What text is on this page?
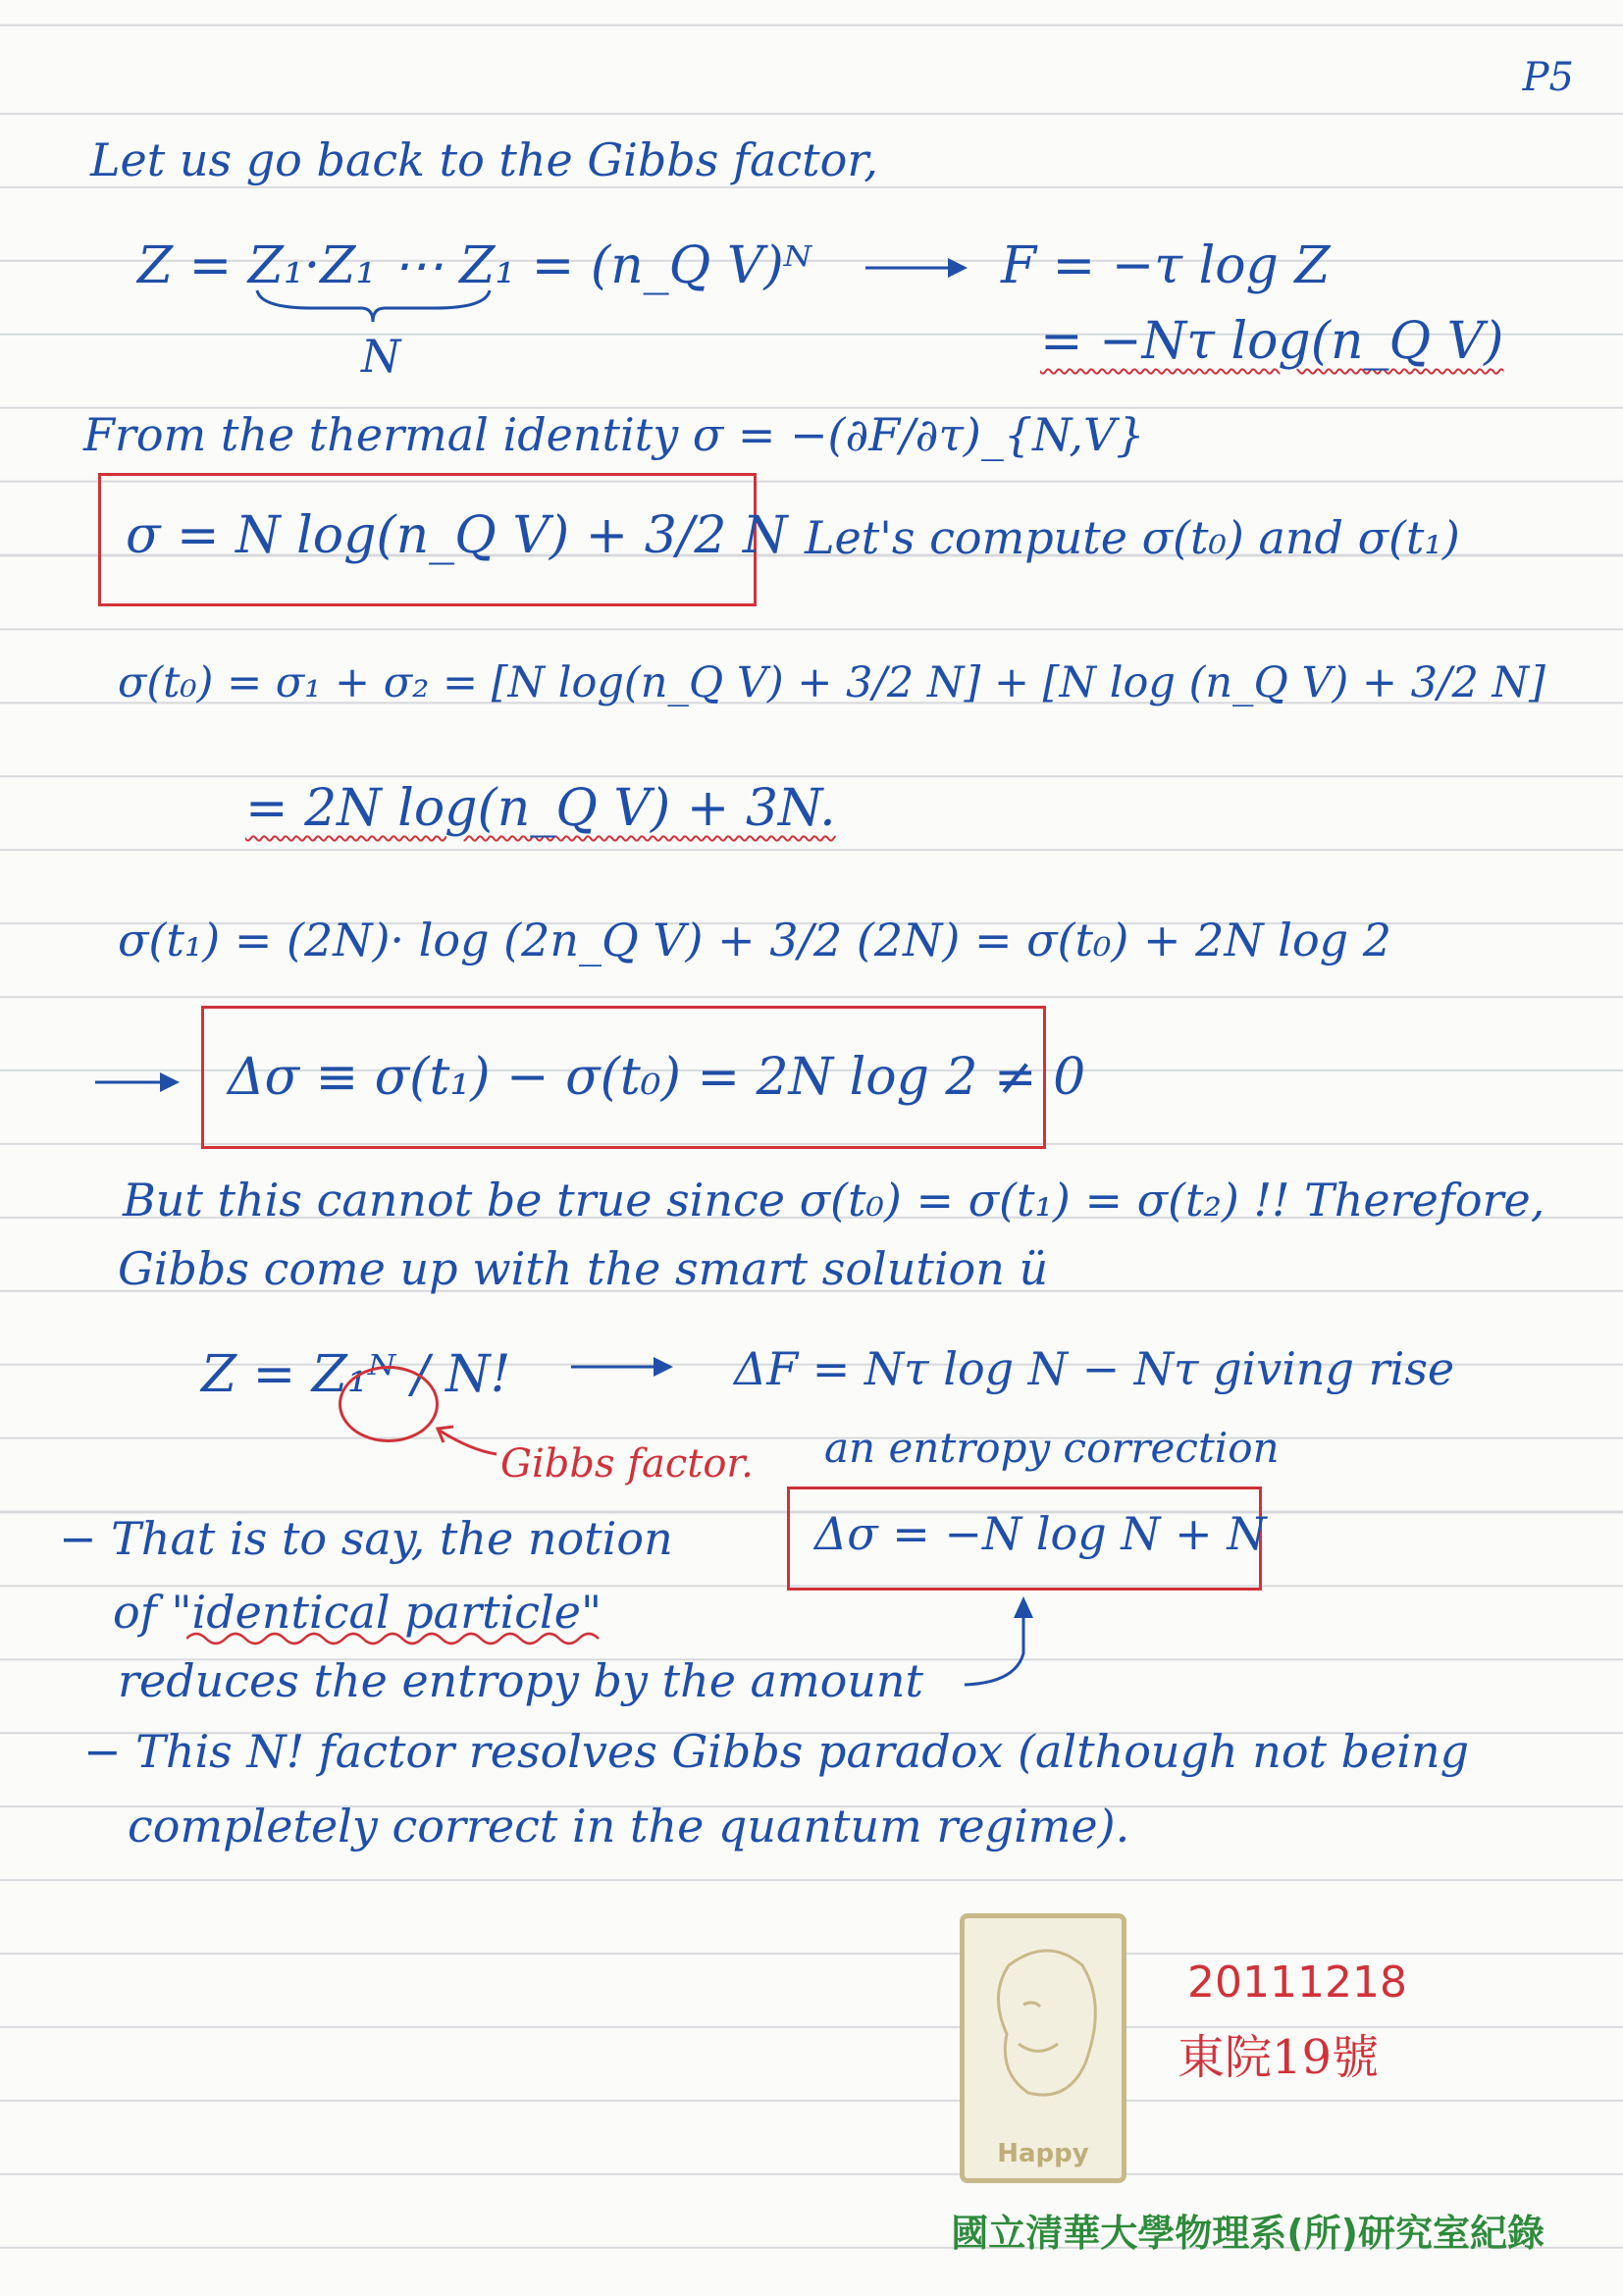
P5
Let us go back to the Gibbs factor,
Z = Z₁·Z₁ ⋯ Z₁ = (n_Q V)ᴺ
N
F = −τ log Z
= −Nτ log(n_Q V)
From the thermal identity σ = −(∂F/∂τ)_{N,V}
σ = N log(n_Q V) + 3/2 N Let's compute σ(t₀) and σ(t₁)
σ(t₀) = σ₁ + σ₂ = [N log(n_Q V) + 3/2 N] + [N log (n_Q V) + 3/2 N]
= 2N log(n_Q V) + 3N.
σ(t₁) = (2N)· log (2n_Q V) + 3/2 (2N) = σ(t₀) + 2N log 2
Δσ ≡ σ(t₁) − σ(t₀) = 2N log 2 ≠ 0
But this cannot be true since σ(t₀) = σ(t₁) = σ(t₂) !! Therefore,
Gibbs come up with the smart solution ü
Z = Z₁ᴺ / N!	ΔF = Nτ log N − Nτ giving rise
Gibbs factor. an entropy correction
Δσ = −N log N + N
− That is to say, the notion
of "identical particle"
reduces the entropy by the amount
− This N! factor resolves Gibbs paradox (although not being
completely correct in the quantum regime).
Happy
20111218
東院19號
國立清華大學物理系(所)研究室紀錄
